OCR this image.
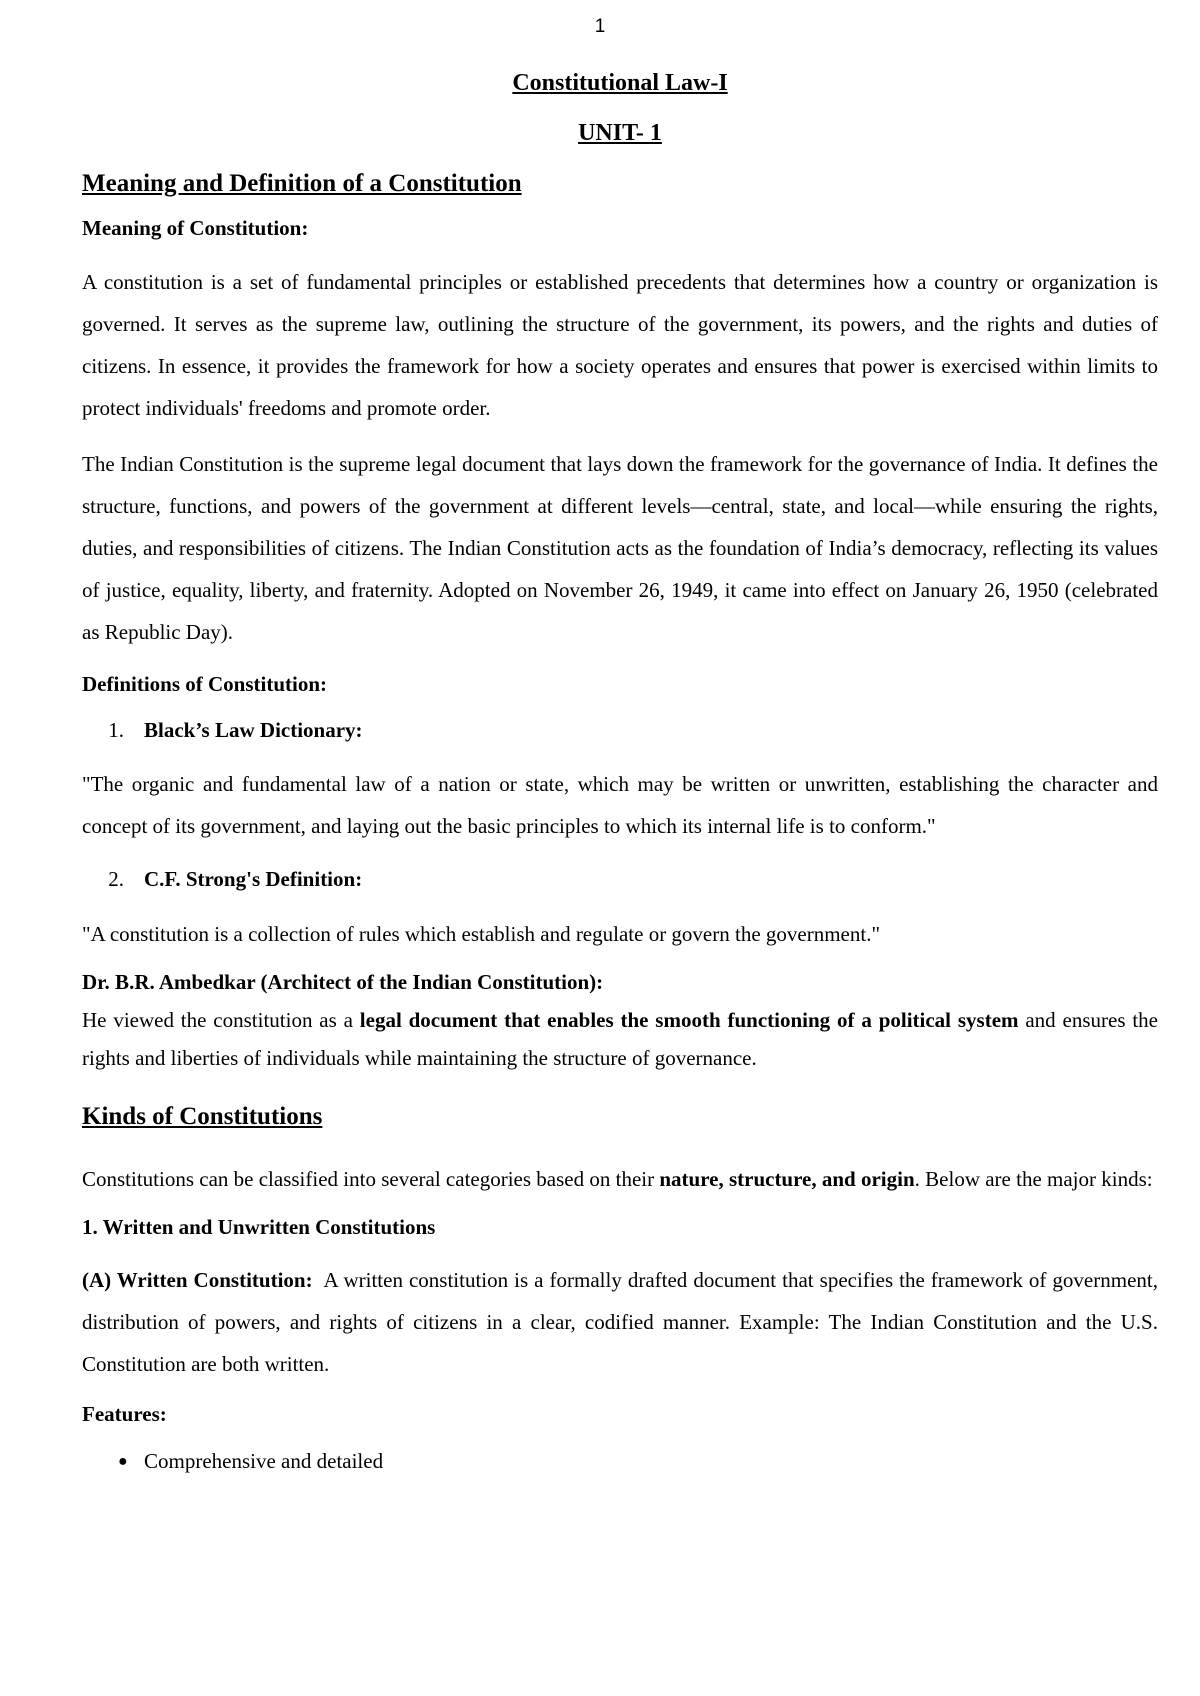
1
Constitutional Law-I
UNIT- 1
Meaning and Definition of a Constitution
Meaning of Constitution:

A constitution is a set of fundamental principles or established precedents that determines how a country or organization is governed. It serves as the supreme law, outlining the structure of the government, its powers, and the rights and duties of citizens. In essence, it provides the framework for how a society operates and ensures that power is exercised within limits to protect individuals' freedoms and promote order.

The Indian Constitution is the supreme legal document that lays down the framework for the governance of India. It defines the structure, functions, and powers of the government at different levels—central, state, and local—while ensuring the rights, duties, and responsibilities of citizens. The Indian Constitution acts as the foundation of India’s democracy, reflecting its values of justice, equality, liberty, and fraternity. Adopted on November 26, 1949, it came into effect on January 26, 1950 (celebrated as Republic Day).

Definitions of Constitution:
1. Black’s Law Dictionary:

"The organic and fundamental law of a nation or state, which may be written or unwritten, establishing the character and concept of its government, and laying out the basic principles to which its internal life is to conform."

2. C.F. Strong's Definition:

"A constitution is a collection of rules which establish and regulate or govern the government."

Dr. B.R. Ambedkar (Architect of the Indian Constitution):
He viewed the constitution as a legal document that enables the smooth functioning of a political system and ensures the rights and liberties of individuals while maintaining the structure of governance.
Kinds of Constitutions

Constitutions can be classified into several categories based on their nature, structure, and origin. Below are the major kinds:

1. Written and Unwritten Constitutions

(A) Written Constitution:  A written constitution is a formally drafted document that specifies the framework of government, distribution of powers, and rights of citizens in a clear, codified manner. Example: The Indian Constitution and the U.S. Constitution are both written.

Features:
● Comprehensive and detailed
